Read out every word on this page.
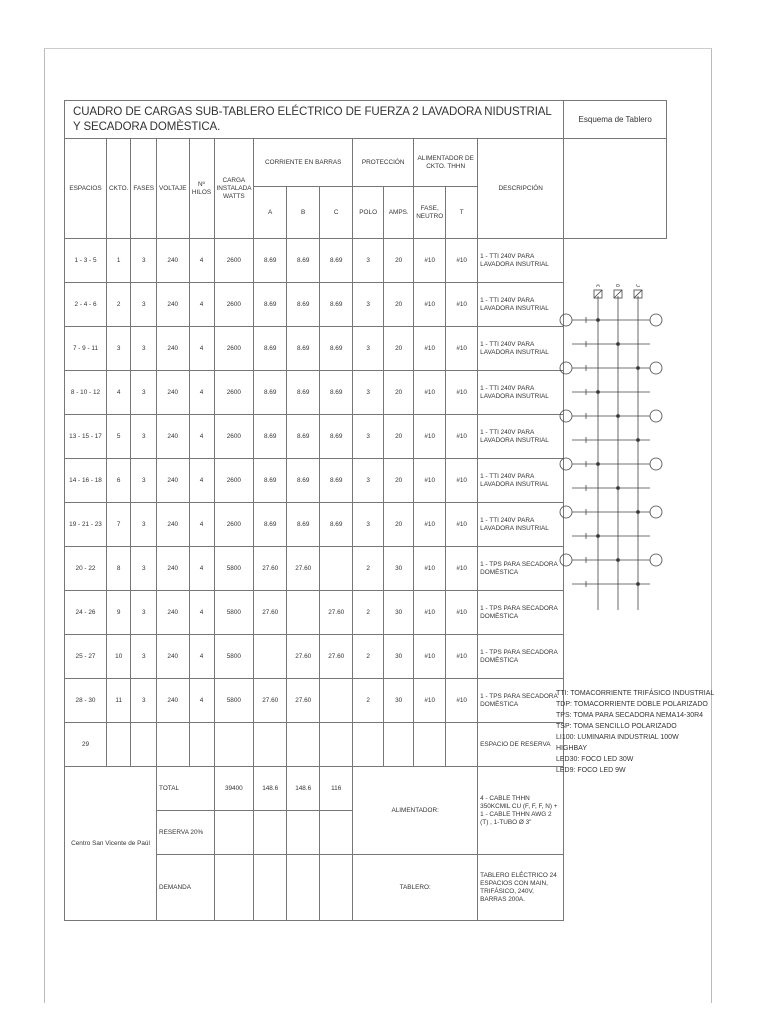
CUADRO DE CARGAS SUB-TABLERO ELÉCTRICO DE FUERZA 2 LAVADORA NIDUSTRIAL Y SECADORA DOMÈSTICA.														Esquema de Tablero
ESPACIOS	CKTO.	FASES	VOLTAJE	Nº HILOS	CARGA INSTALADA WATTS	CORRIENTE EN BARRAS			PROTECCIÓN		ALIMENTADOR DE CKTO. THHN		DESCRIPCIÓN	
						A	B	C	POLO	AMPS.	FASE, NEUTRO	T		
1 - 3 - 5	1	3	240	4	2600	8.69	8.69	8.69	3	20	#10	#10	1 - TTI 240V PARA LAVADORA INSUTRIAL	
2 - 4 - 6	2	3	240	4	2600	8.69	8.69	8.69	3	20	#10	#10	1 - TTI 240V PARA LAVADORA INSUTRIAL	
7 - 9 - 11	3	3	240	4	2600	8.69	8.69	8.69	3	20	#10	#10	1 - TTI 240V PARA LAVADORA INSUTRIAL	
8 - 10 - 12	4	3	240	4	2600	8.69	8.69	8.69	3	20	#10	#10	1 - TTI 240V PARA LAVADORA INSUTRIAL	
13 - 15 - 17	5	3	240	4	2600	8.69	8.69	8.69	3	20	#10	#10	1 - TTI 240V PARA LAVADORA INSUTRIAL	
14 - 16 - 18	6	3	240	4	2600	8.69	8.69	8.69	3	20	#10	#10	1 - TTI 240V PARA LAVADORA INSUTRIAL	
19 - 21 - 23	7	3	240	4	2600	8.69	8.69	8.69	3	20	#10	#10	1 - TTI 240V PARA LAVADORA INSUTRIAL	
20 - 22	8	3	240	4	5800	27.60	27.60		2	30	#10	#10	1 - TPS PARA SECADORA DOMÈSTICA	
24 - 26	9	3	240	4	5800	27.60		27.60	2	30	#10	#10	1 - TPS PARA SECADORA DOMÈSTICA	
25 - 27	10	3	240	4	5800		27.60	27.60	2	30	#10	#10	1 - TPS PARA SECADORA DOMÈSTICA	
28 - 30	11	3	240	4	5800	27.60	27.60		2	30	#10	#10	1 - TPS PARA SECADORA DOMÈSTICA	
29													ESPACIO DE RESERVA	
Centro San Vicente de Paúl			TOTAL		39400	148.6	148.6	116	ALIMENTADOR:				4 - CABLE THHN 350KCMIL CU (F, F, F, N) + 1 - CABLE THHN AWG 2 (T) , 1-TUBO Ø 3"	
			RESERVA 20%											
			DEMANDA						TABLERO:				TABLERO ELÉCTRICO 24 ESPACIOS CON MAIN, TRIFÁSICO, 240V, BARRAS 200A.	
A	B	C
TTI: TOMACORRIENTE TRIFÁSICO INDUSTRIAL
TDP: TOMACORRIENTE DOBLE POLARIZADO
TPS: TOMA PARA SECADORA NEMA14-30R4
TSP: TOMA SENCILLO POLARIZADO
LI100: LUMINARIA INDUSTRIAL 100W
HIGHBAY
LED30: FOCO LED 30W
LED9: FOCO LED 9W
